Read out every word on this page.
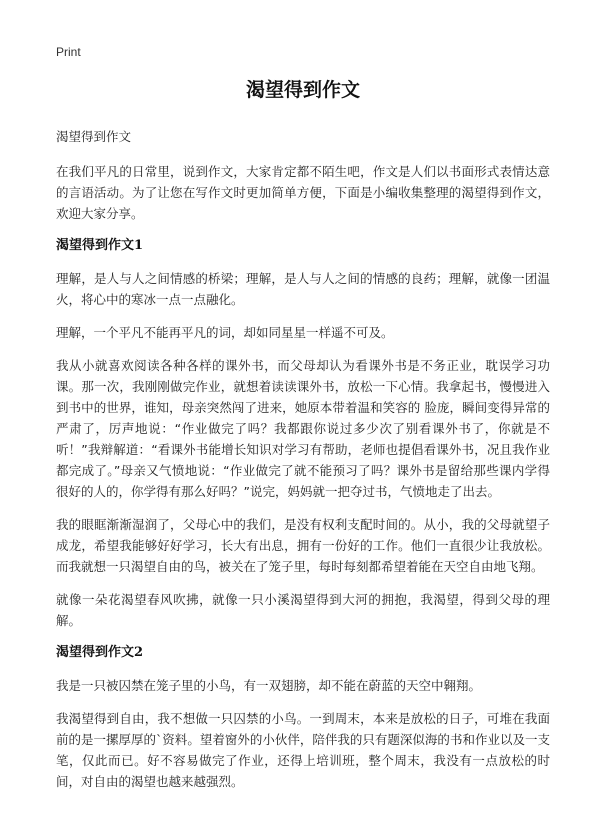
Print
渴望得到作文

渴望得到作文

在我们平凡的日常里，说到作文，大家肯定都不陌生吧，作文是人们以书面形式表情达意的言语活动。为了让您在写作文时更加简单方便，下面是小编收集整理的渴望得到作文，欢迎大家分享。

渴望得到作文1

理解，是人与人之间情感的桥梁；理解，是人与人之间的情感的良药；理解，就像一团温火，将心中的寒冰一点一点融化。

理解，一个平凡不能再平凡的词，却如同星星一样遥不可及。

我从小就喜欢阅读各种各样的课外书，而父母却认为看课外书是不务正业，耽误学习功课。那一次，我刚刚做完作业，就想着读读课外书，放松一下心情。我拿起书，慢慢进入到书中的世界，谁知，母亲突然闯了进来，她原本带着温和笑容的 脸庞，瞬间变得异常的严肃了，厉声地说：“作业做完了吗？我都跟你说过多少次了别看课外书了，你就是不听！”我辩解道：“看课外书能增长知识对学习有帮助，老师也提倡看课外书，况且我作业都完成了。”母亲又气愤地说：“作业做完了就不能预习了吗？课外书是留给那些课内学得很好的人的，你学得有那么好吗？”说完，妈妈就一把夺过书，气愤地走了出去。

我的眼眶渐渐湿润了，父母心中的我们，是没有权利支配时间的。从小，我的父母就望子成龙，希望我能够好好学习，长大有出息，拥有一份好的工作。他们一直很少让我放松。而我就想一只渴望自由的鸟，被关在了笼子里，每时每刻都希望着能在天空自由地飞翔。

就像一朵花渴望春风吹拂，就像一只小溪渴望得到大河的拥抱，我渴望，得到父母的理解。

渴望得到作文2

我是一只被囚禁在笼子里的小鸟，有一双翅膀，却不能在蔚蓝的天空中翱翔。

我渴望得到自由，我不想做一只囚禁的小鸟。一到周末，本来是放松的日子，可堆在我面前的是一摞厚厚的`资料。望着窗外的小伙伴，陪伴我的只有题深似海的书和作业以及一支笔，仅此而已。好不容易做完了作业，还得上培训班，整个周末，我没有一点放松的时间，对自由的渴望也越来越强烈。
